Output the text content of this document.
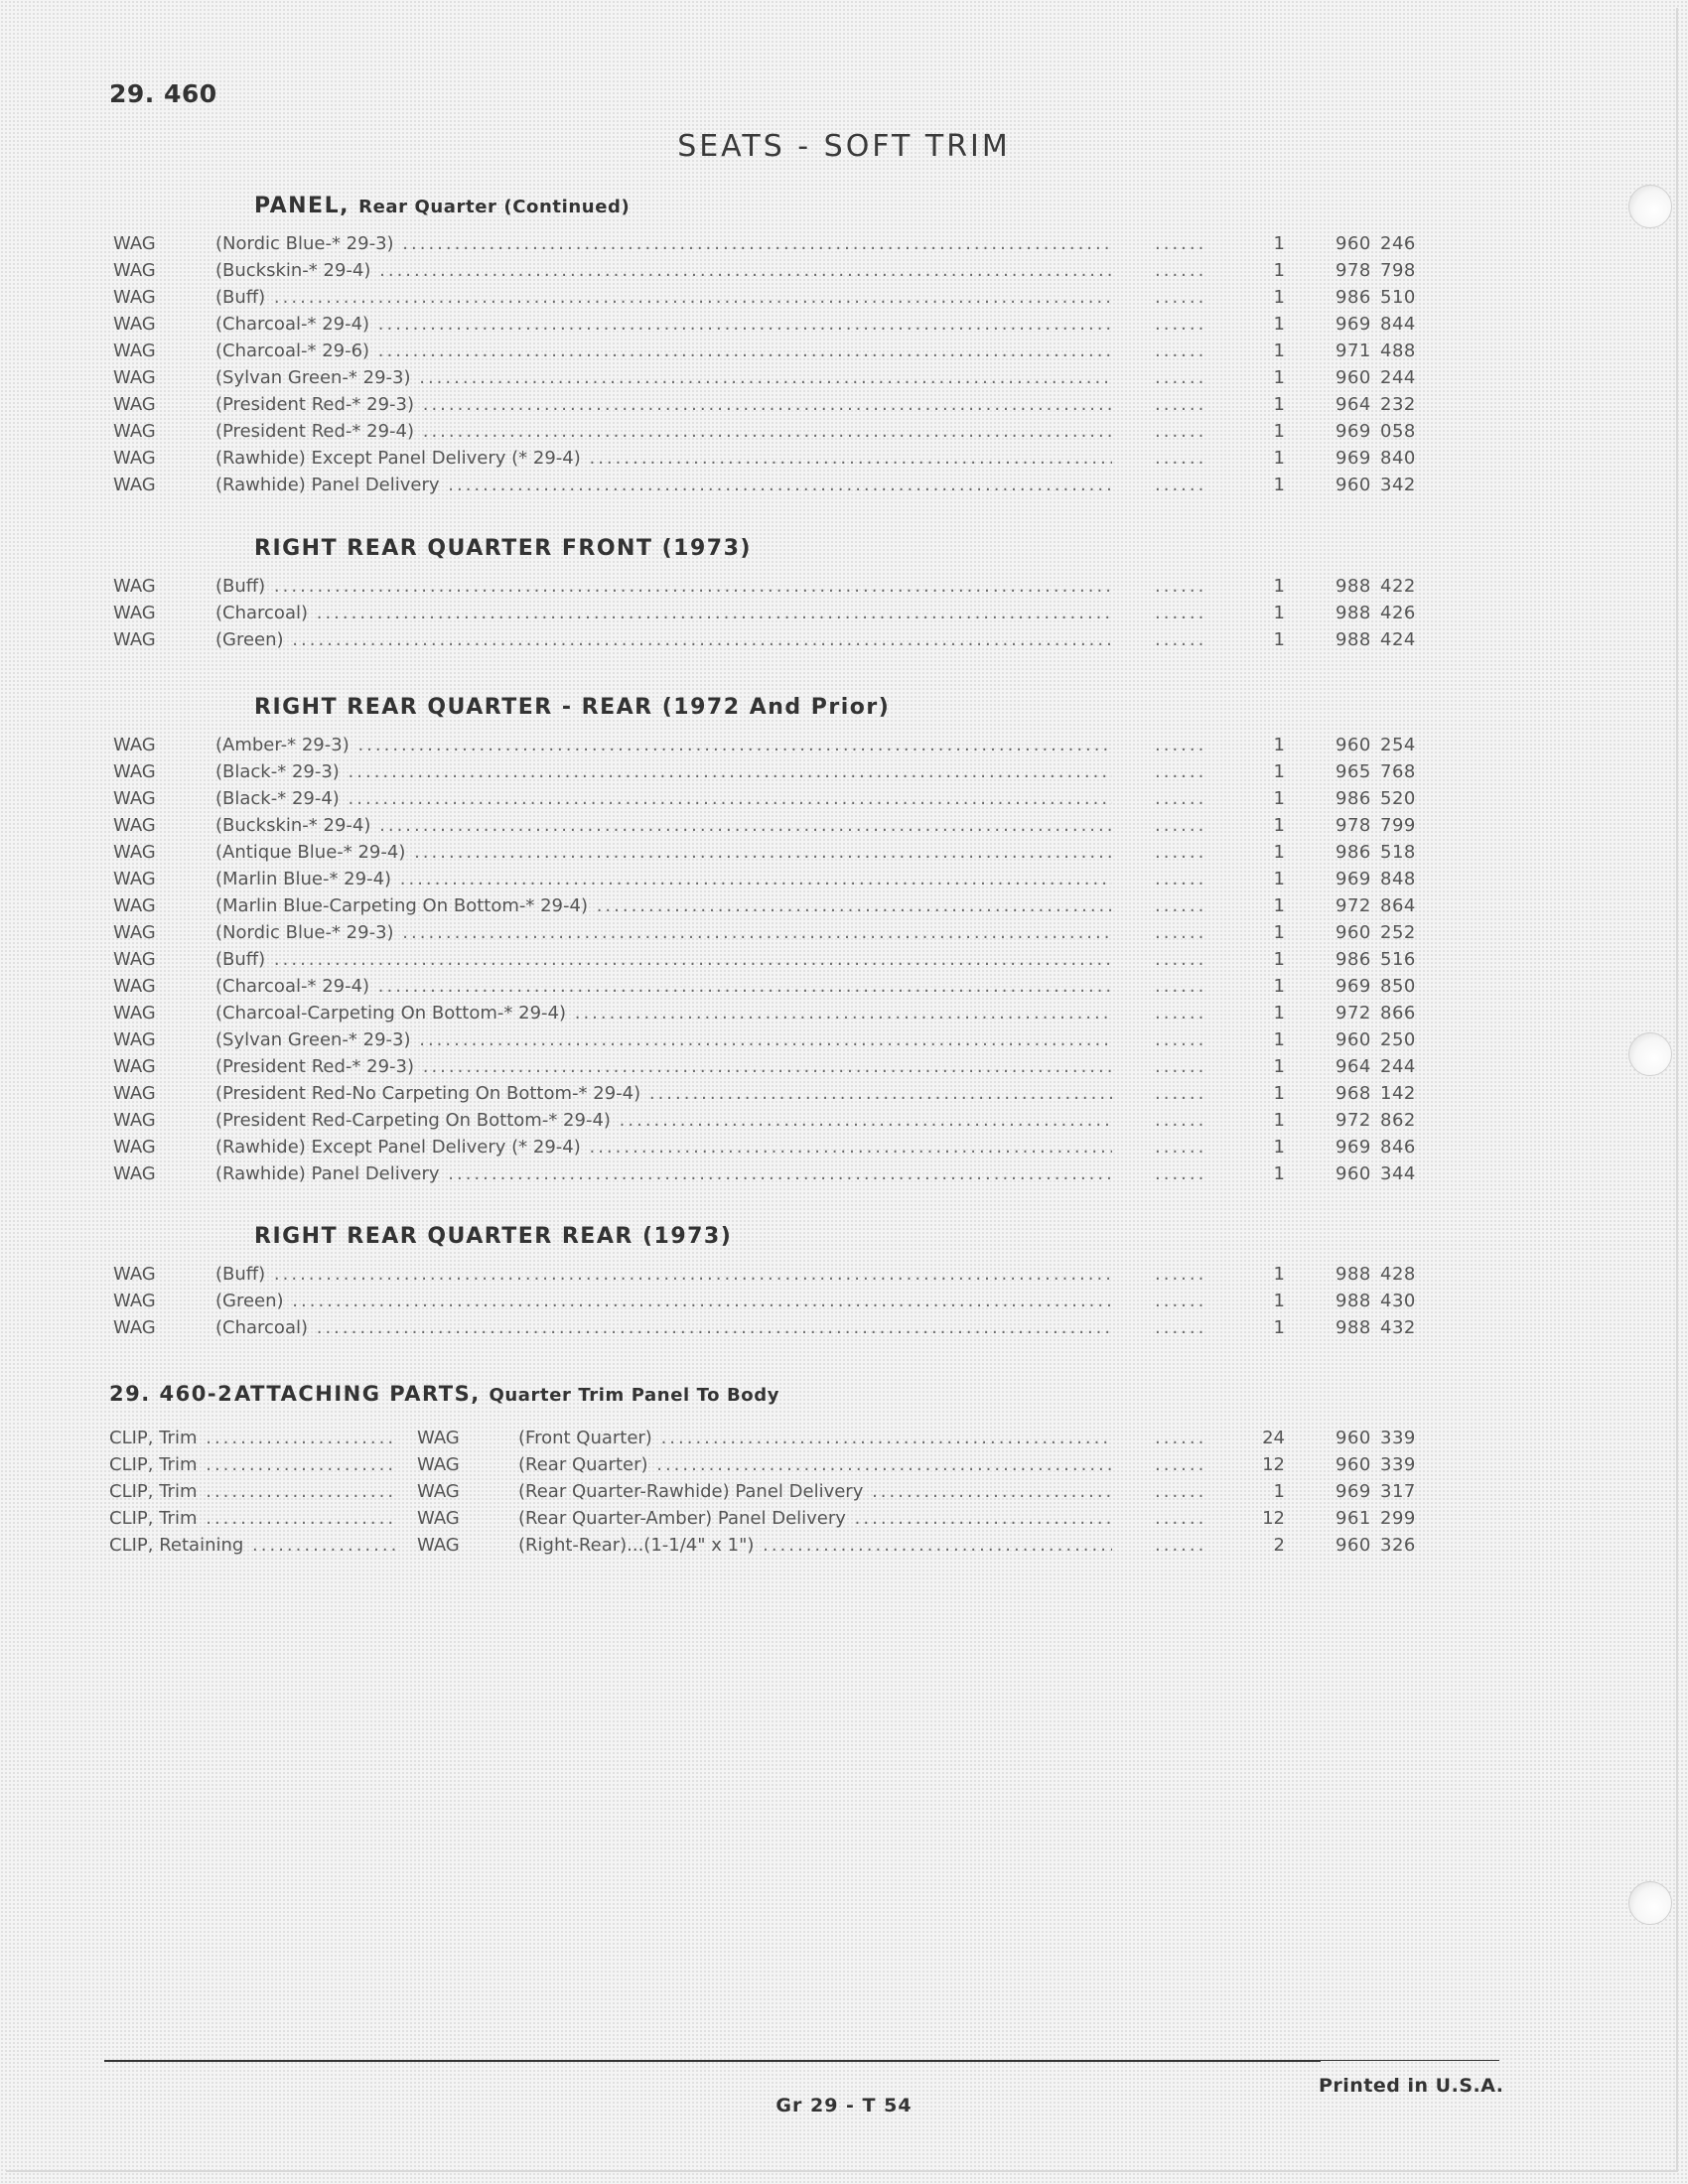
29. 460
SEATS - SOFT TRIM
PANEL, Rear Quarter (Continued)
WAG	(Nordic Blue-* 29-3) .....	......	1	960 246
WAG	(Buckskin-* 29-4) .....	......	1	978 798
WAG	(Buff) .....	......	1	986 510
WAG	(Charcoal-* 29-4) .....	......	1	969 844
WAG	(Charcoal-* 29-6) .....	......	1	971 488
WAG	(Sylvan Green-* 29-3) .....	......	1	960 244
WAG	(President Red-* 29-3) .....	......	1	964 232
WAG	(President Red-* 29-4) .....	......	1	969 058
WAG	(Rawhide) Except Panel Delivery (* 29-4) .....	......	1	969 840
WAG	(Rawhide) Panel Delivery .....	......	1	960 342
RIGHT REAR QUARTER FRONT (1973)
WAG	(Buff) .....	......	1	988 422
WAG	(Charcoal) .....	......	1	988 426
WAG	(Green) .....	......	1	988 424
RIGHT REAR QUARTER - REAR (1972 And Prior)
WAG	(Amber-* 29-3) .....	......	1	960 254
WAG	(Black-* 29-3) .....	......	1	965 768
WAG	(Black-* 29-4) .....	......	1	986 520
WAG	(Buckskin-* 29-4) .....	......	1	978 799
WAG	(Antique Blue-* 29-4) .....	......	1	986 518
WAG	(Marlin Blue-* 29-4) .....	......	1	969 848
WAG	(Marlin Blue-Carpeting On Bottom-* 29-4) .....	......	1	972 864
WAG	(Nordic Blue-* 29-3) .....	......	1	960 252
WAG	(Buff) .....	......	1	986 516
WAG	(Charcoal-* 29-4) .....	......	1	969 850
WAG	(Charcoal-Carpeting On Bottom-* 29-4) .....	......	1	972 866
WAG	(Sylvan Green-* 29-3) .....	......	1	960 250
WAG	(President Red-* 29-3) .....	......	1	964 244
WAG	(President Red-No Carpeting On Bottom-* 29-4) .....	......	1	968 142
WAG	(President Red-Carpeting On Bottom-* 29-4) .....	......	1	972 862
WAG	(Rawhide) Except Panel Delivery (* 29-4) .....	......	1	969 846
WAG	(Rawhide) Panel Delivery .....	......	1	960 344
RIGHT REAR QUARTER REAR (1973)
WAG	(Buff) .....	......	1	988 428
WAG	(Green) .....	......	1	988 430
WAG	(Charcoal) .....	......	1	988 432
29. 460-2 ATTACHING PARTS, Quarter Trim Panel To Body
CLIP, Trim .....	WAG	(Front Quarter) .....	......	24	960 339
CLIP, Trim .....	WAG	(Rear Quarter) .....	......	12	960 339
CLIP, Trim .....	WAG	(Rear Quarter-Rawhide) Panel Delivery .....	......	1	969 317
CLIP, Trim .....	WAG	(Rear Quarter-Amber) Panel Delivery .....	......	12	961 299
CLIP, Retaining .....	WAG	(Right-Rear)...(1-1/4" x 1") .....	......	2	960 326
Gr 29 - T 54
Printed in U.S.A.
